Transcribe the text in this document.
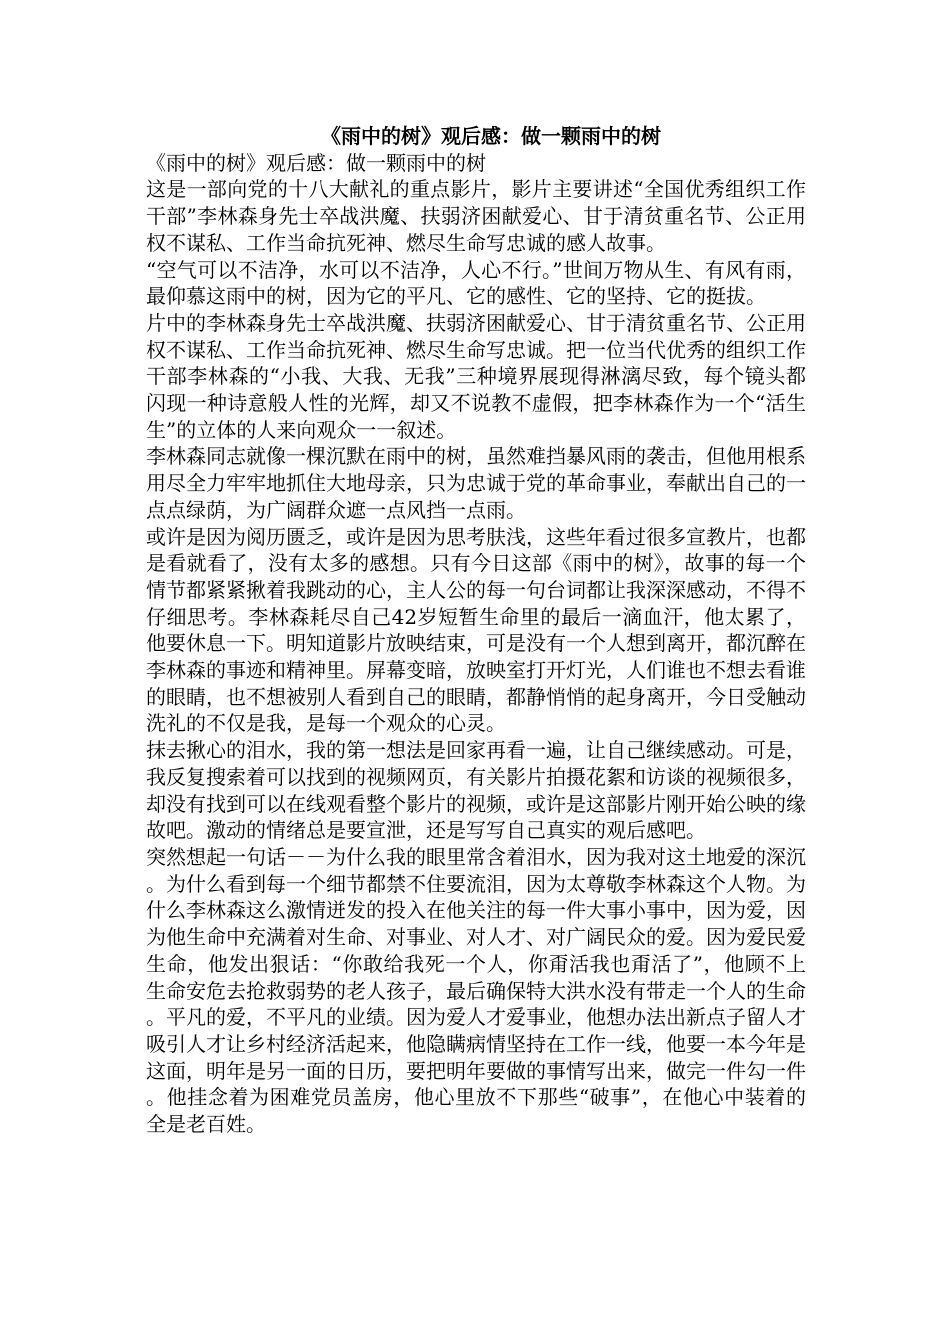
《雨中的树》观后感：做一颗雨中的树

《雨中的树》观后感：做一颗雨中的树

这是一部向党的十八大献礼的重点影片，影片主要讲述“全国优秀组织工作干部”李林森身先士卒战洪魔、扶弱济困献爱心、甘于清贫重名节、公正用权不谋私、工作当命抗死神、燃尽生命写忠诚的感人故事。

“空气可以不洁净，水可以不洁净，人心不行。”世间万物从生、有风有雨，最仰慕这雨中的树，因为它的平凡、它的感性、它的坚持、它的挺拔。

片中的李林森身先士卒战洪魔、扶弱济困献爱心、甘于清贫重名节、公正用权不谋私、工作当命抗死神、燃尽生命写忠诚。把一位当代优秀的组织工作干部李林森的“小我、大我、无我”三种境界展现得淋漓尽致，每个镜头都闪现一种诗意般人性的光辉，却又不说教不虚假，把李林森作为一个“活生生”的立体的人来向观众一一叙述。

李林森同志就像一棵沉默在雨中的树，虽然难挡暴风雨的袭击，但他用根系用尽全力牢牢地抓住大地母亲，只为忠诚于党的革命事业，奉献出自己的一点点绿荫，为广阔群众遮一点风挡一点雨。

或许是因为阅历匮乏，或许是因为思考肤浅，这些年看过很多宣教片，也都是看就看了，没有太多的感想。只有今日这部《雨中的树》，故事的每一个情节都紧紧揪着我跳动的心，主人公的每一句台词都让我深深感动，不得不仔细思考。李林森耗尽自己42岁短暂生命里的最后一滴血汗，他太累了，他要休息一下。明知道影片放映结束，可是没有一个人想到离开，都沉醉在李林森的事迹和精神里。屏幕变暗，放映室打开灯光，人们谁也不想去看谁的眼睛，也不想被别人看到自己的眼睛，都静悄悄的起身离开，今日受触动洗礼的不仅是我，是每一个观众的心灵。

抹去揪心的泪水，我的第一想法是回家再看一遍，让自己继续感动。可是，我反复搜索着可以找到的视频网页，有关影片拍摄花絮和访谈的视频很多，却没有找到可以在线观看整个影片的视频，或许是这部影片刚开始公映的缘故吧。激动的情绪总是要宣泄，还是写写自己真实的观后感吧。

突然想起一句话－－为什么我的眼里常含着泪水，因为我对这土地爱的深沉。为什么看到每一个细节都禁不住要流泪，因为太尊敬李林森这个人物。为什么李林森这么激情迸发的投入在他关注的每一件大事小事中，因为爱，因为他生命中充满着对生命、对事业、对人才、对广阔民众的爱。因为爱民爱生命，他发出狠话：“你敢给我死一个人，你甭活我也甭活了”，他顾不上生命安危去抢救弱势的老人孩子，最后确保特大洪水没有带走一个人的生命。平凡的爱，不平凡的业绩。因为爱人才爱事业，他想办法出新点子留人才吸引人才让乡村经济活起来，他隐瞒病情坚持在工作一线，他要一本今年是这面，明年是另一面的日历，要把明年要做的事情写出来，做完一件勾一件。他挂念着为困难党员盖房，他心里放不下那些“破事”，在他心中装着的全是老百姓。
